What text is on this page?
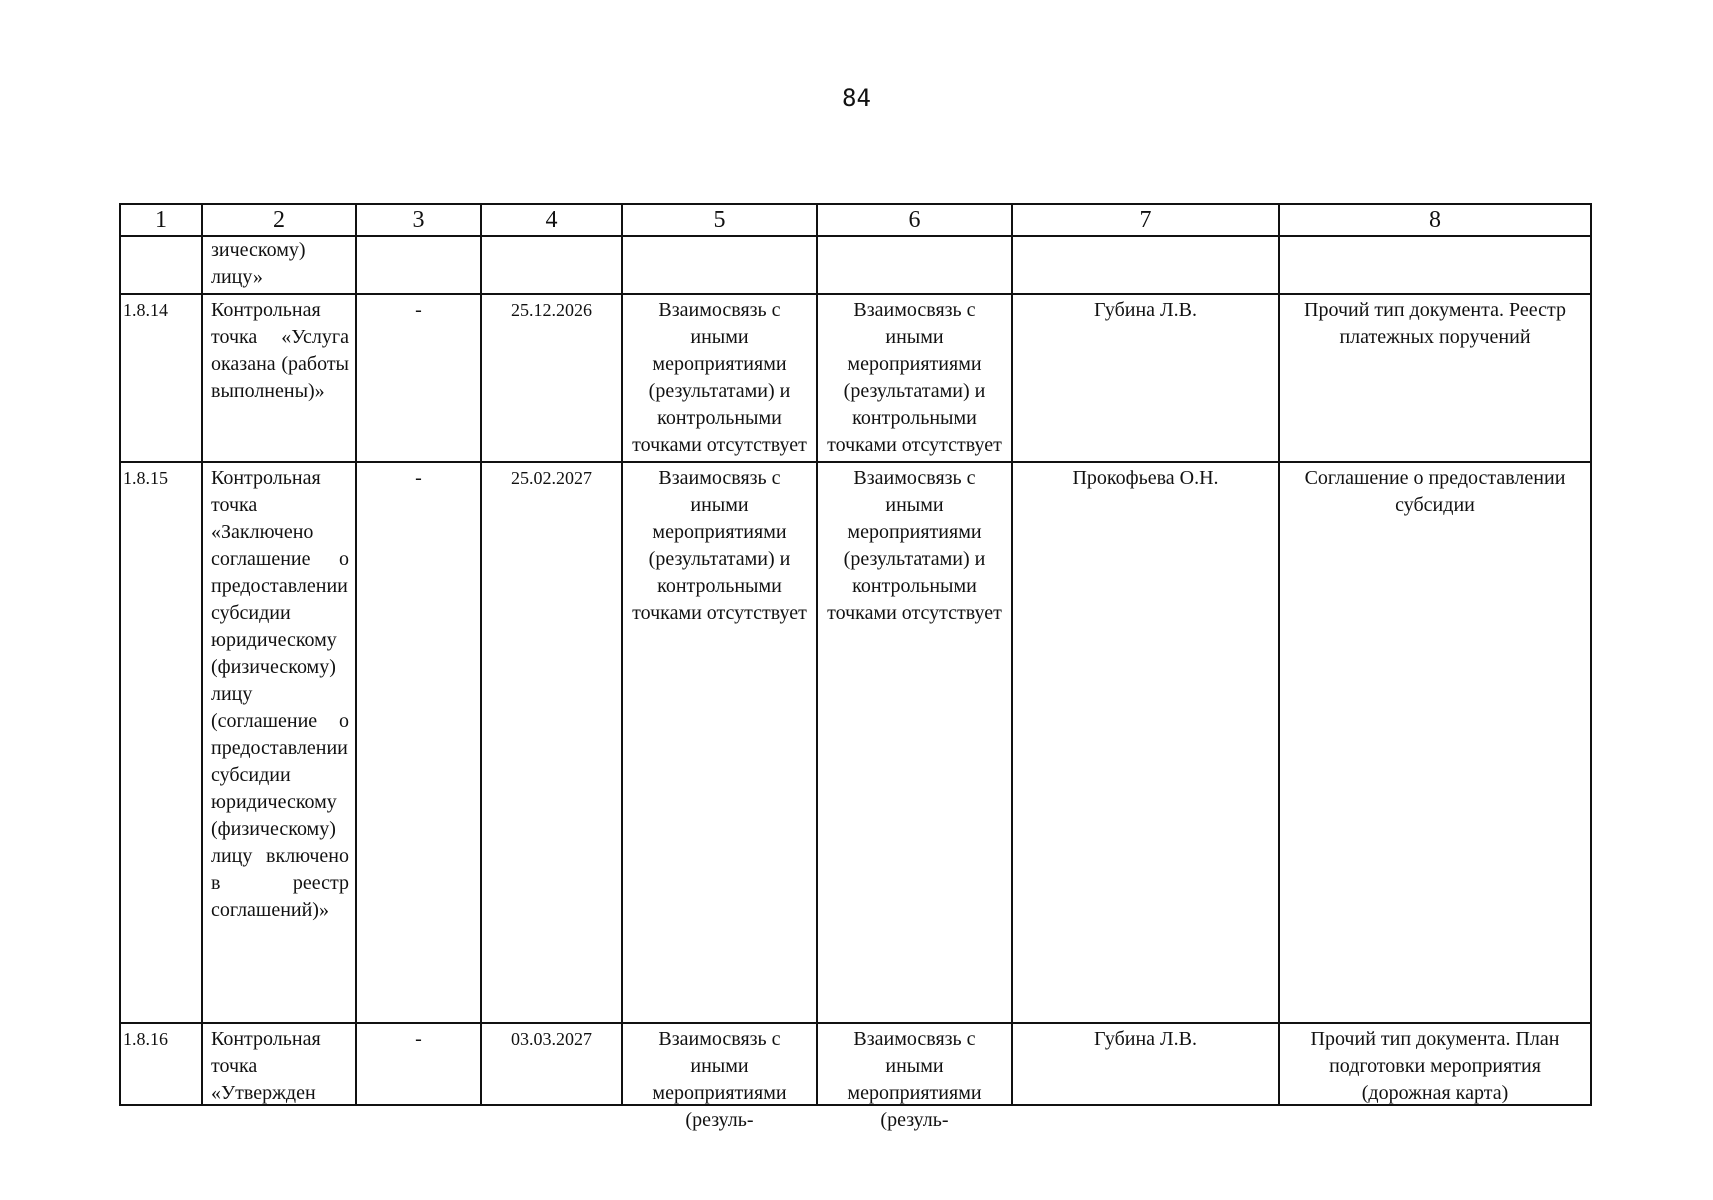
84
1	2	3	4	5	6	7	8
	зическому) лицу»						
1.8.14	Контрольная точка «Услуга оказана (работы выполнены)»	-	25.12.2026	Взаимосвязь с иными мероприятиями (результатами) и контрольными точками отсутствует	Взаимосвязь с иными мероприятиями (результатами) и контрольными точками отсутствует	Губина Л.В.	Прочий тип документа. Реестр платежных поручений
1.8.15	Контрольная точка «Заключено соглашение о предоставлении субсидии юридическому (физическому) лицу (соглашение о предоставлении субсидии юридическому (физическому) лицу включено в реестр соглашений)»	-	25.02.2027	Взаимосвязь с иными мероприятиями (результатами) и контрольными точками отсутствует	Взаимосвязь с иными мероприятиями (результатами) и контрольными точками отсутствует	Прокофьева О.Н.	Соглашение о предоставлении субсидии
1.8.16	Контрольная точка «Утвержден	-	03.03.2027	Взаимосвязь с иными мероприятиями (резуль-	Взаимосвязь с иными мероприятиями (резуль-	Губина Л.В.	Прочий тип документа. План подготовки мероприятия (дорожная карта)
